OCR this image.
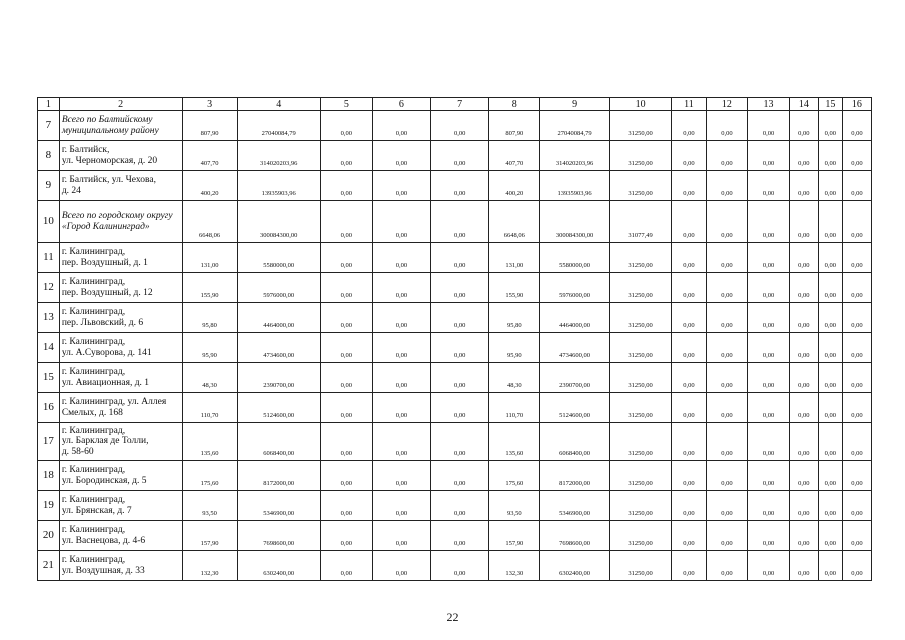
1	2	3	4	5	6	7	8	9	10	11	12	13	14	15	16
7	Всего по Балтийскому
муниципальному району	807,90	27040084,79	0,00	0,00	0,00	807,90	27040084,79	31250,00	0,00	0,00	0,00	0,00	0,00	0,00
8	г. Балтийск,
ул. Черноморская, д. 20	407,70	314020203,96	0,00	0,00	0,00	407,70	314020203,96	31250,00	0,00	0,00	0,00	0,00	0,00	0,00
9	г. Балтийск, ул. Чехова,
д. 24	400,20	13935903,96	0,00	0,00	0,00	400,20	13935903,96	31250,00	0,00	0,00	0,00	0,00	0,00	0,00
10	Всего по городскому округу
«Город Калининград»	6648,06	300084300,00	0,00	0,00	0,00	6648,06	300084300,00	31077,49	0,00	0,00	0,00	0,00	0,00	0,00
11	г. Калининград,
пер. Воздушный, д. 1	131,00	5580000,00	0,00	0,00	0,00	131,00	5580000,00	31250,00	0,00	0,00	0,00	0,00	0,00	0,00
12	г. Калининград,
пер. Воздушный, д. 12	155,90	5976000,00	0,00	0,00	0,00	155,90	5976000,00	31250,00	0,00	0,00	0,00	0,00	0,00	0,00
13	г. Калининград,
пер. Львовский, д. 6	95,80	4464000,00	0,00	0,00	0,00	95,80	4464000,00	31250,00	0,00	0,00	0,00	0,00	0,00	0,00
14	г. Калининград,
ул. А.Суворова, д. 141	95,90	4734600,00	0,00	0,00	0,00	95,90	4734600,00	31250,00	0,00	0,00	0,00	0,00	0,00	0,00
15	г. Калининград,
ул. Авиационная, д. 1	48,30	2390700,00	0,00	0,00	0,00	48,30	2390700,00	31250,00	0,00	0,00	0,00	0,00	0,00	0,00
16	г. Калининград, ул. Аллея
Смелых, д. 168	110,70	5124600,00	0,00	0,00	0,00	110,70	5124600,00	31250,00	0,00	0,00	0,00	0,00	0,00	0,00
17	г. Калининград,
ул. Барклая де Толли,
д. 58-60	135,60	6068400,00	0,00	0,00	0,00	135,60	6068400,00	31250,00	0,00	0,00	0,00	0,00	0,00	0,00
18	г. Калининград,
ул. Бородинская, д. 5	175,60	8172000,00	0,00	0,00	0,00	175,60	8172000,00	31250,00	0,00	0,00	0,00	0,00	0,00	0,00
19	г. Калининград,
ул. Брянская, д. 7	93,50	5346900,00	0,00	0,00	0,00	93,50	5346900,00	31250,00	0,00	0,00	0,00	0,00	0,00	0,00
20	г. Калининград,
ул. Васнецова, д. 4-6	157,90	7698600,00	0,00	0,00	0,00	157,90	7698600,00	31250,00	0,00	0,00	0,00	0,00	0,00	0,00
21	г. Калининград,
ул. Воздушная, д. 33	132,30	6302400,00	0,00	0,00	0,00	132,30	6302400,00	31250,00	0,00	0,00	0,00	0,00	0,00	0,00
22
